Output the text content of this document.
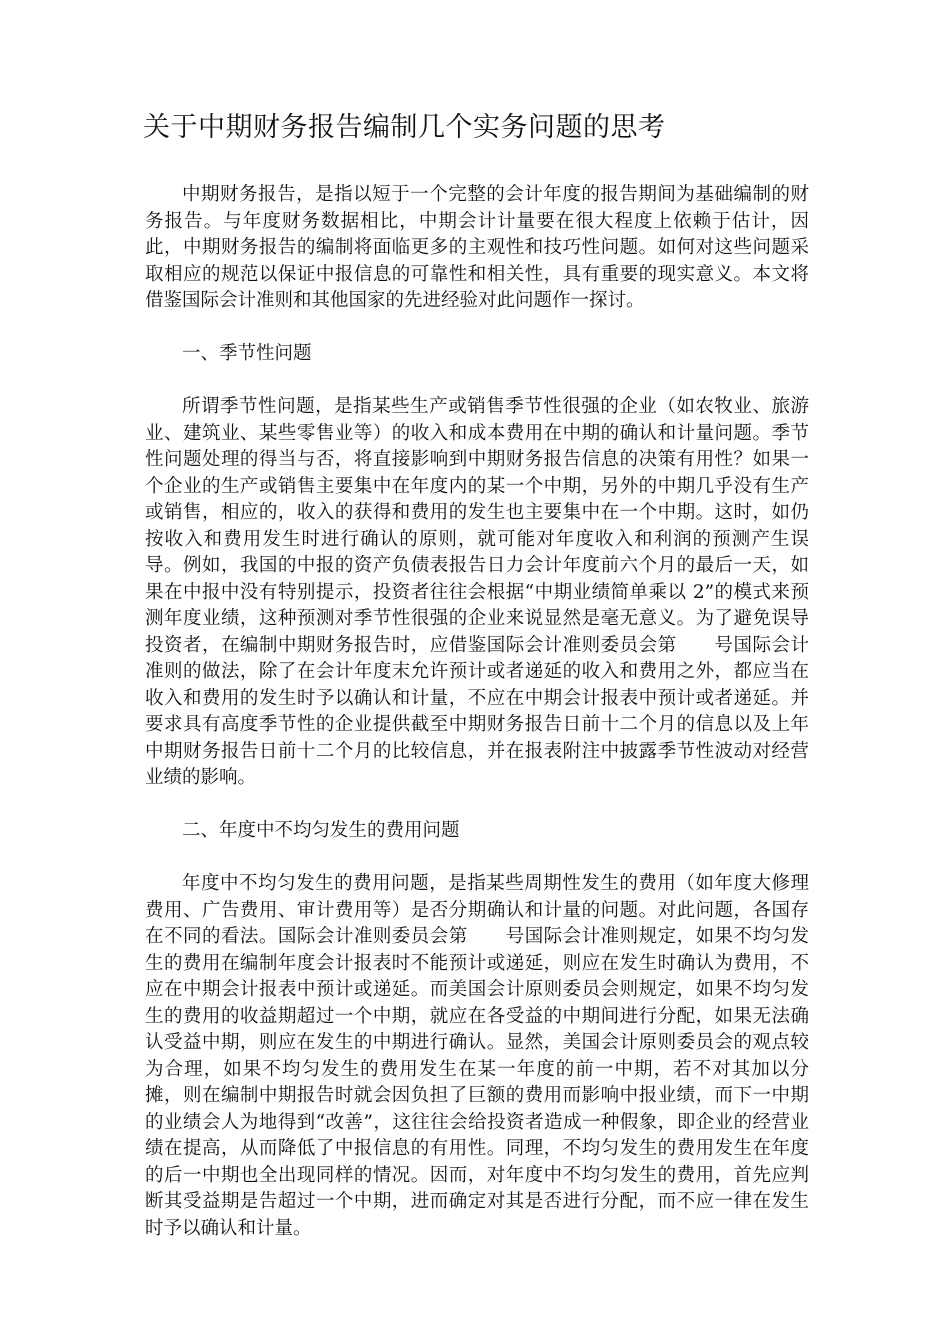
关于中期财务报告编制几个实务问题的思考

中期财务报告，是指以短于一个完整的会计年度的报告期间为基础编制的财务报告。与年度财务数据相比，中期会计计量要在很大程度上依赖于估计，因此，中期财务报告的编制将面临更多的主观性和技巧性问题。如何对这些问题采取相应的规范以保证中报信息的可靠性和相关性，具有重要的现实意义。本文将借鉴国际会计准则和其他国家的先进经验对此问题作一探讨。

一、季节性问题

所谓季节性问题，是指某些生产或销售季节性很强的企业（如农牧业、旅游业、建筑业、某些零售业等）的收入和成本费用在中期的确认和计量问题。季节性问题处理的得当与否，将直接影响到中期财务报告信息的决策有用性？如果一个企业的生产或销售主要集中在年度内的某一个中期，另外的中期几乎没有生产或销售，相应的，收入的获得和费用的发生也主要集中在一个中期。这时，如仍按收入和费用发生时进行确认的原则，就可能对年度收入和利润的预测产生误导。例如，我国的中报的资产负债表报告日力会计年度前六个月的最后一天，如果在中报中没有特别提示，投资者往往会根据“中期业绩简单乘以 2”的模式来预测年度业绩，这种预测对季节性很强的企业来说显然是毫无意义。为了避免误导投资者，在编制中期财务报告时，应借鉴国际会计准则委员会第　　号国际会计准则的做法，除了在会计年度末允许预计或者递延的收入和费用之外，都应当在收入和费用的发生时予以确认和计量，不应在中期会计报表中预计或者递延。并要求具有高度季节性的企业提供截至中期财务报告日前十二个月的信息以及上年中期财务报告日前十二个月的比较信息，并在报表附注中披露季节性波动对经营业绩的影响。

二、年度中不均匀发生的费用问题

年度中不均匀发生的费用问题，是指某些周期性发生的费用（如年度大修理费用、广告费用、审计费用等）是否分期确认和计量的问题。对此问题，各国存在不同的看法。国际会计准则委员会第　　号国际会计准则规定，如果不均匀发生的费用在编制年度会计报表时不能预计或递延，则应在发生时确认为费用，不应在中期会计报表中预计或递延。而美国会计原则委员会则规定，如果不均匀发生的费用的收益期超过一个中期，就应在各受益的中期间进行分配，如果无法确认受益中期，则应在发生的中期进行确认。显然，美国会计原则委员会的观点较为合理，如果不均匀发生的费用发生在某一年度的前一中期，若不对其加以分摊，则在编制中期报告时就会因负担了巨额的费用而影响中报业绩，而下一中期的业绩会人为地得到“改善”，这往往会给投资者造成一种假象，即企业的经营业绩在提高，从而降低了中报信息的有用性。同理，不均匀发生的费用发生在年度的后一中期也全出现同样的情况。因而，对年度中不均匀发生的费用，首先应判断其受益期是告超过一个中期，进而确定对其是否进行分配，而不应一律在发生时予以确认和计量。
